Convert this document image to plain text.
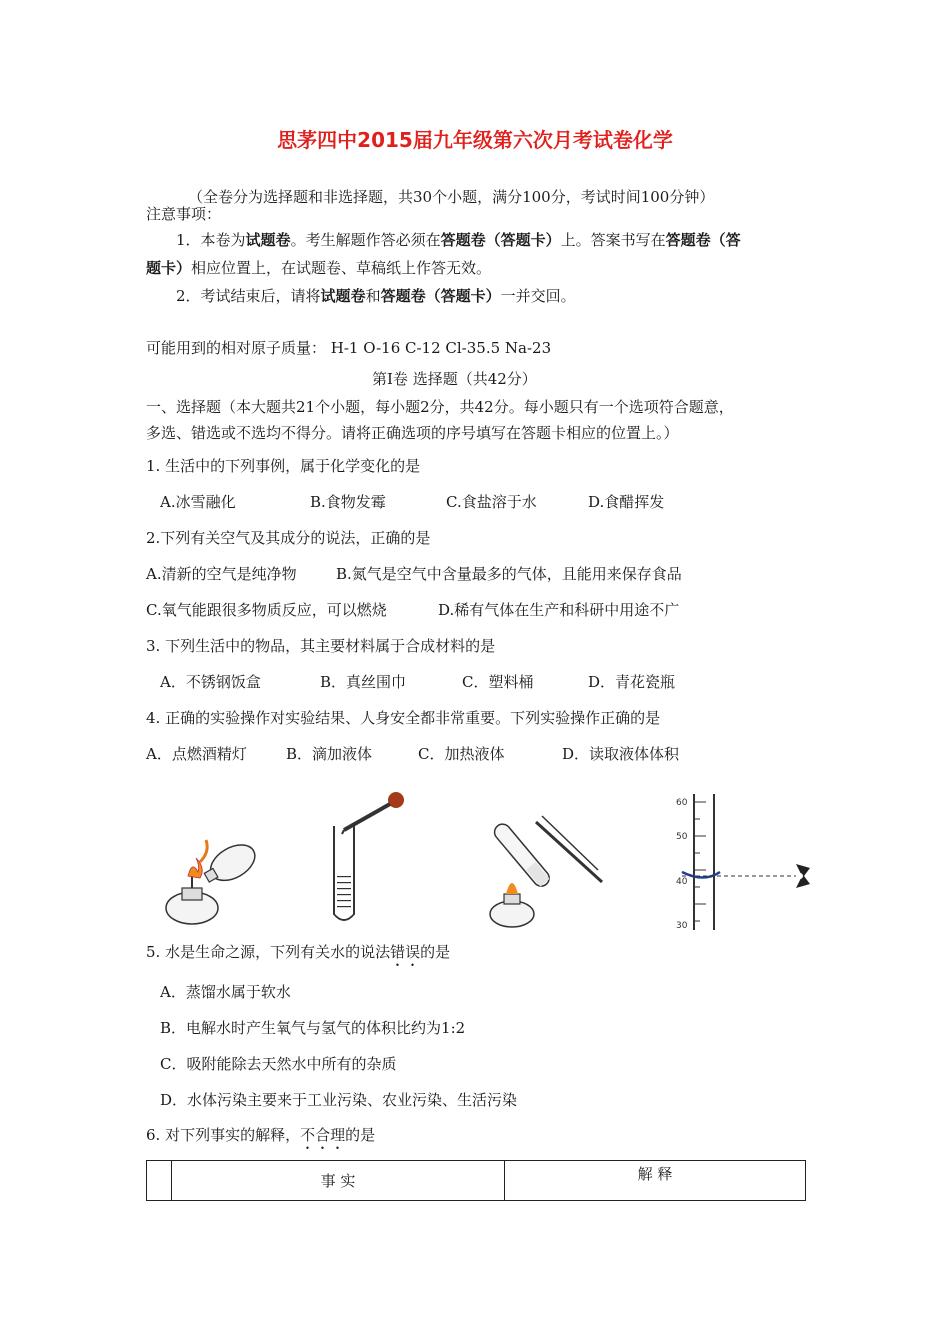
思茅四中2015届九年级第六次月考试卷化学
（全卷分为选择题和非选择题，共30个小题，满分100分，考试时间100分钟）
注意事项：
1．本卷为试题卷。考生解题作答必须在答题卷（答题卡）上。答案书写在答题卷（答
题卡）相应位置上，在试题卷、草稿纸上作答无效。
2．考试结束后，请将试题卷和答题卷（答题卡）一并交回。
可能用到的相对原子质量： H-1 O-16 C-12 Cl-35.5 Na-23
第Ⅰ卷 选择题（共42分）
一、选择题（本大题共21个小题，每小题2分，共42分。每小题只有一个选项符合题意，
多选、错选或不选均不得分。请将正确选项的序号填写在答题卡相应的位置上。）
1. 生活中的下列事例，属于化学变化的是
A.冰雪融化	B.食物发霉	C.食盐溶于水	D.食醋挥发
2.下列有关空气及其成分的说法，正确的是
A.清新的空气是纯净物	B.氮气是空气中含量最多的气体，且能用来保存食品
C.氧气能跟很多物质反应，可以燃烧	D.稀有气体在生产和科研中用途不广
3. 下列生活中的物品，其主要材料属于合成材料的是
A．不锈钢饭盒	B．真丝围巾	C．塑料桶	D．青花瓷瓶
4. 正确的实验操作对实验结果、人身安全都非常重要。下列实验操作正确的是
A．点燃酒精灯	B．滴加液体	C．加热液体	D．读取液体体积
60
50
40
30
5. 水是生命之源，下列有关水的说法错误的是
A．蒸馏水属于软水
B．电解水时产生氧气与氢气的体积比约为1:2
C．吸附能除去天然水中所有的杂质
D．水体污染主要来于工业污染、农业污染、生活污染
6. 对下列事实的解释，不合理的是
	事 实	解 释
